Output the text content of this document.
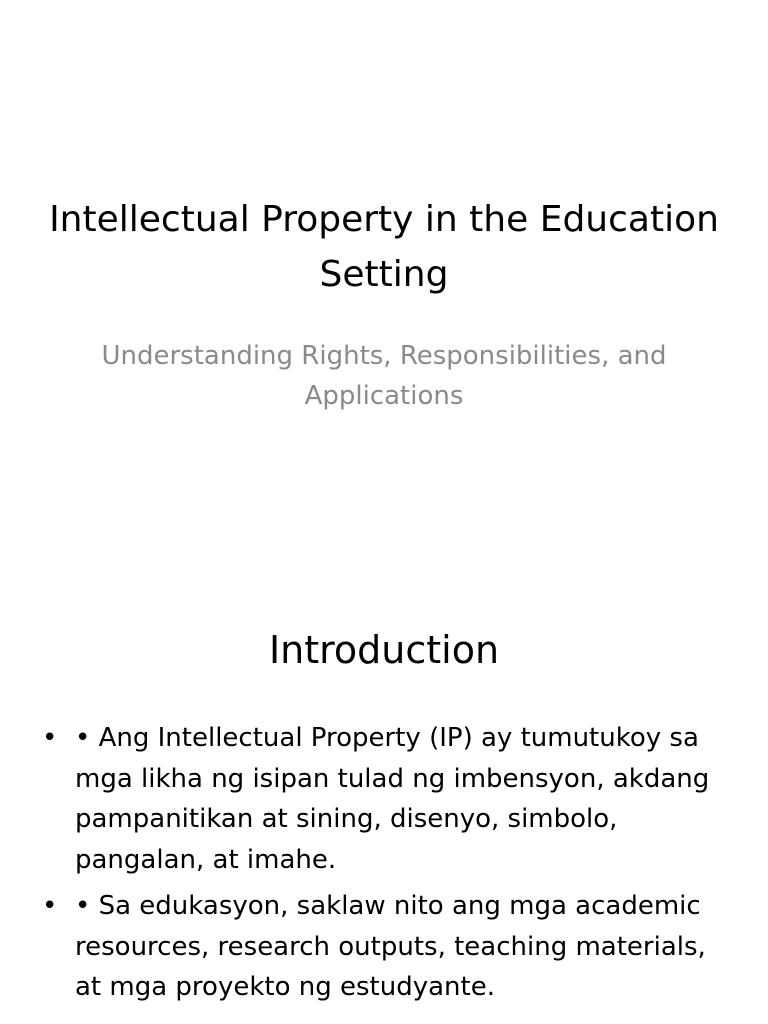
Intellectual Property in the Education Setting

Understanding Rights, Responsibilities, and Applications

Introduction
• • Ang Intellectual Property (IP) ay tumutukoy sa mga likha ng isipan tulad ng imbensyon, akdang pampanitikan at sining, disenyo, simbolo, pangalan, at imahe.
• • Sa edukasyon, saklaw nito ang mga academic resources, research outputs, teaching materials, at mga proyekto ng estudyante.
